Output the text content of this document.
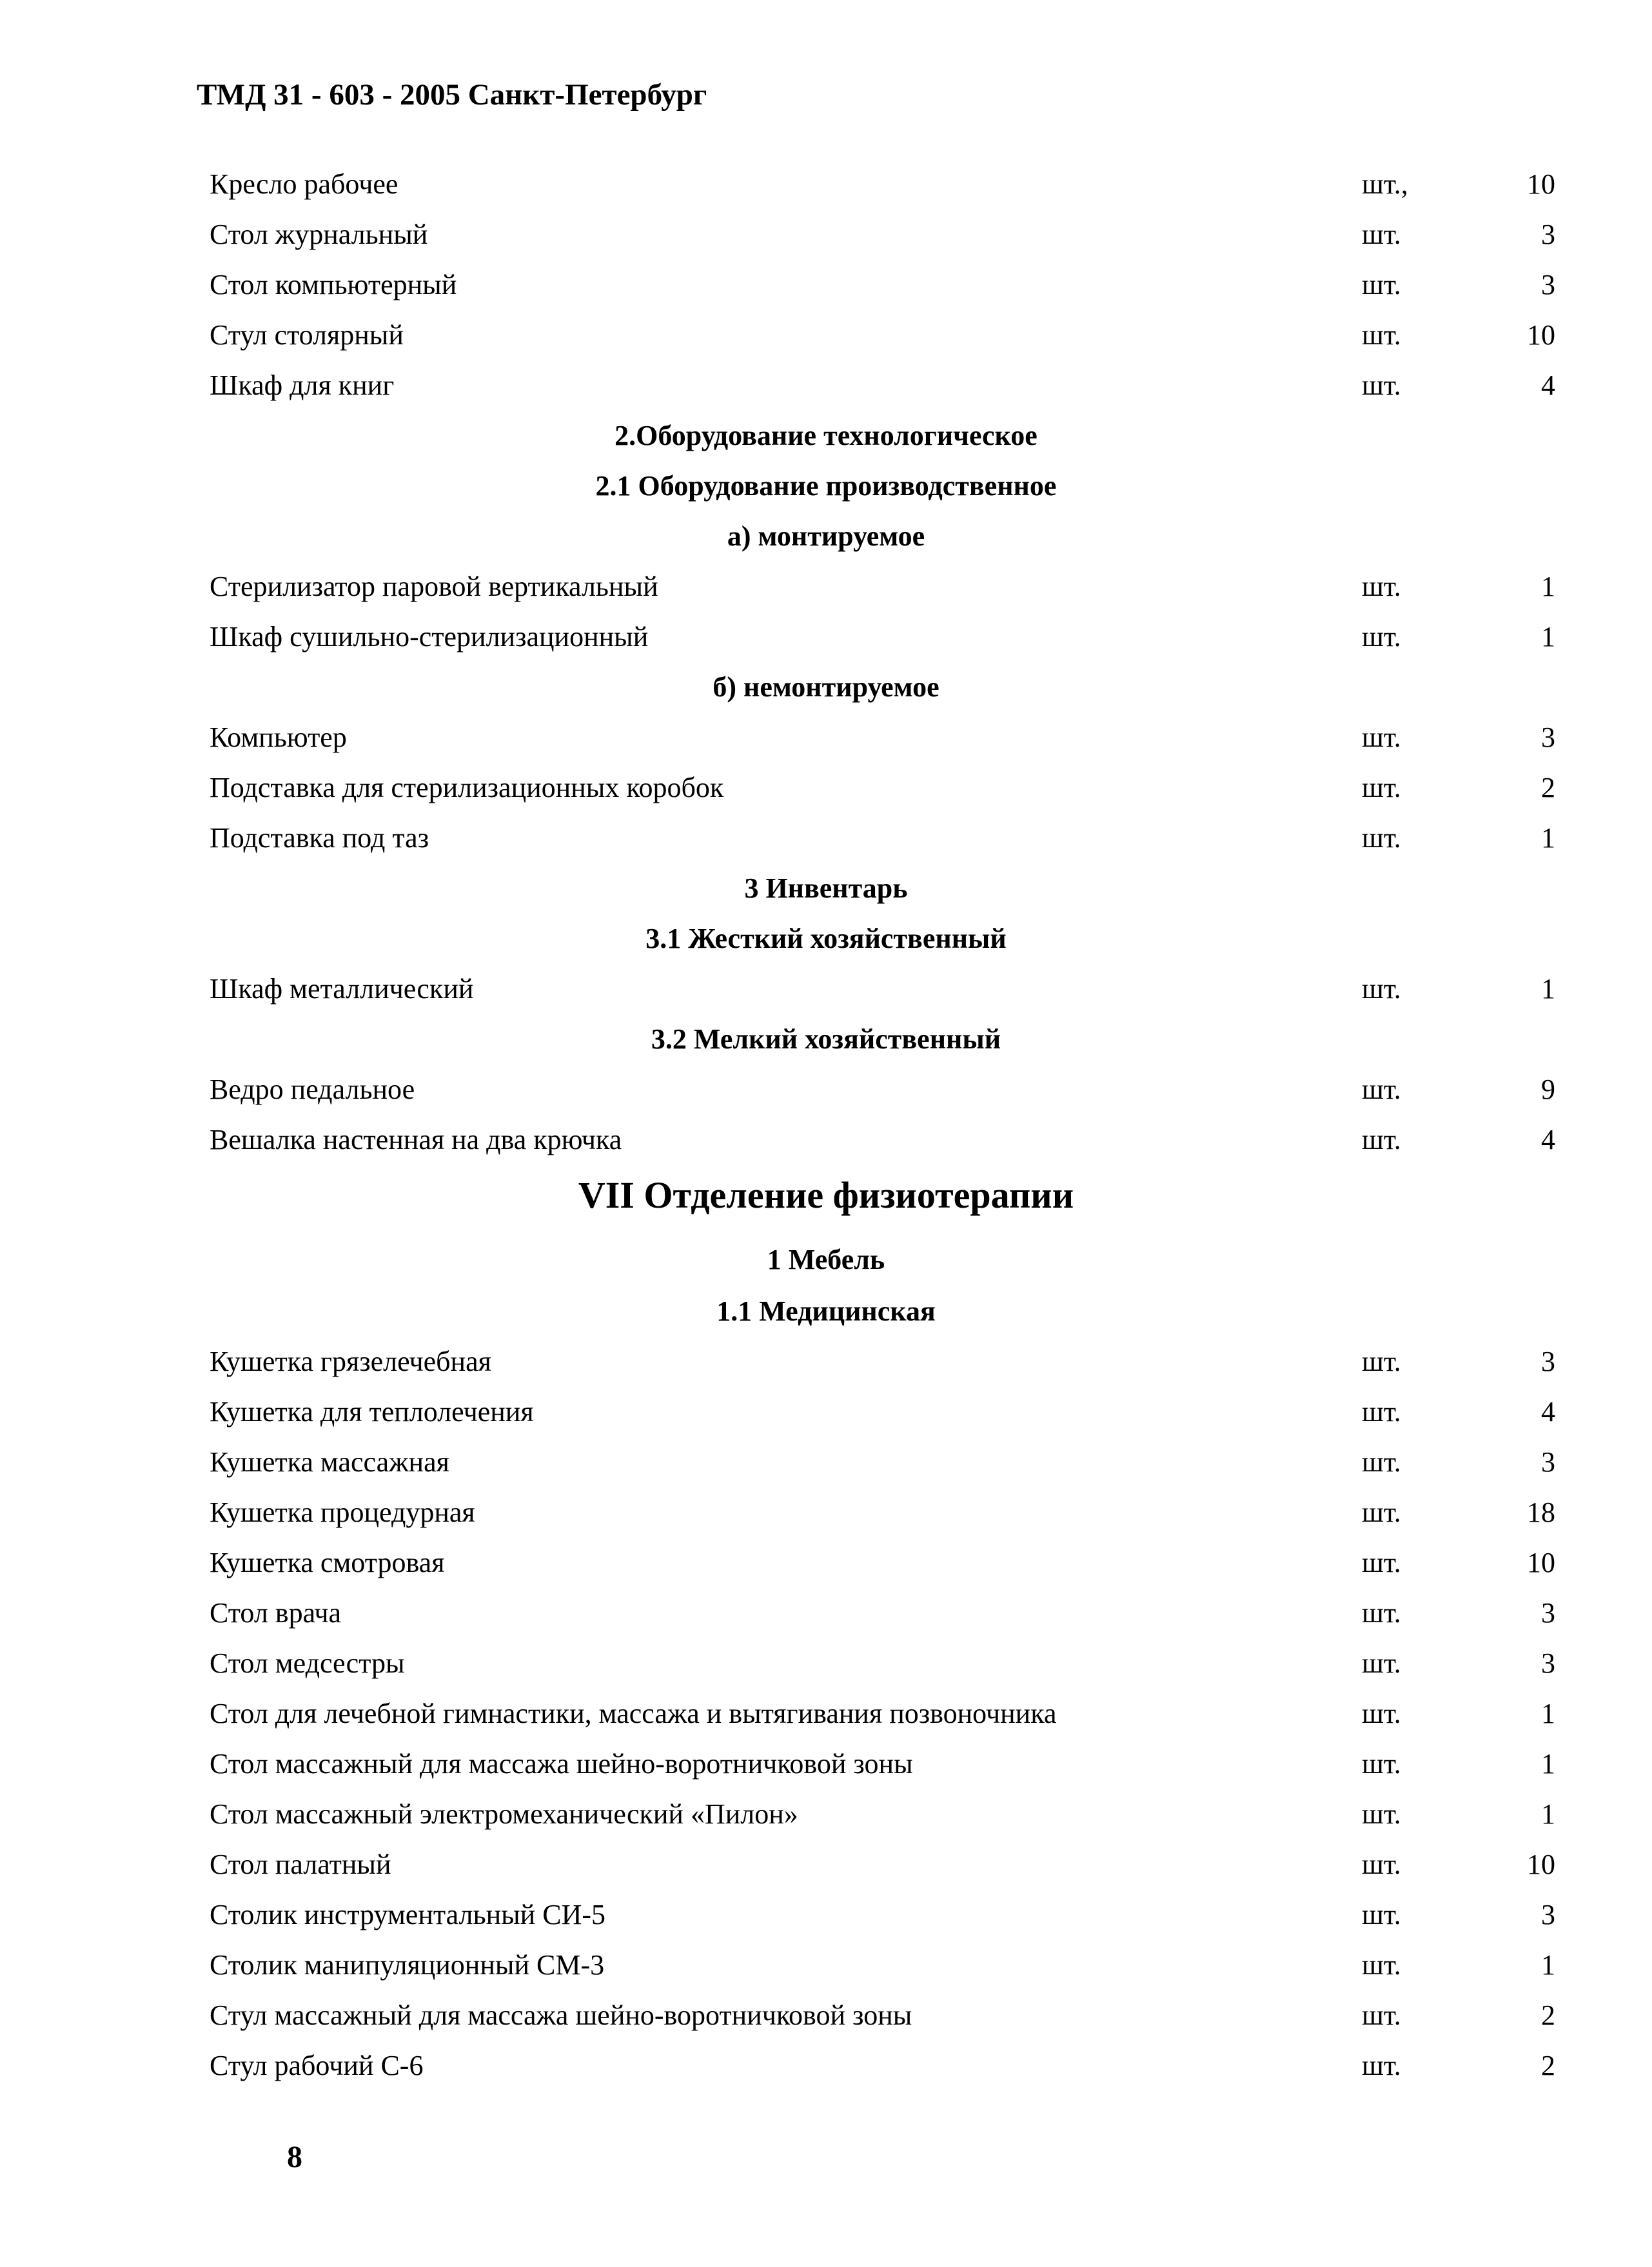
ТМД 31 - 603 - 2005 Санкт-Петербург
Кресло рабочее	шт.,	10
Стол журнальный	шт.	3
Стол компьютерный	шт.	3
Стул столярный	шт.	10
Шкаф для книг	шт.	4
2.Оборудование технологическое
2.1 Оборудование производственное
а) монтируемое
Стерилизатор паровой вертикальный	шт.	1
Шкаф сушильно-стерилизационный	шт.	1
б) немонтируемое
Компьютер	шт.	3
Подставка для стерилизационных коробок	шт.	2
Подставка под таз	шт.	1
3 Инвентарь
3.1 Жесткий хозяйственный
Шкаф металлический	шт.	1
3.2 Мелкий хозяйственный
Ведро педальное	шт.	9
Вешалка настенная на два крючка	шт.	4
VII Отделение физиотерапии
1 Мебель
1.1 Медицинская
Кушетка грязелечебная	шт.	3
Кушетка для теплолечения	шт.	4
Кушетка массажная	шт.	3
Кушетка процедурная	шт.	18
Кушетка смотровая	шт.	10
Стол врача	шт.	3
Стол медсестры	шт.	3
Стол для лечебной гимнастики, массажа и вытягивания позвоночника	шт.	1
Стол массажный для массажа шейно-воротничковой зоны	шт.	1
Стол массажный электромеханический «Пилон»	шт.	1
Стол палатный	шт.	10
Столик инструментальный СИ-5	шт.	3
Столик манипуляционный СМ-3	шт.	1
Стул массажный для массажа шейно-воротничковой зоны	шт.	2
Стул рабочий С-6	шт.	2
8
